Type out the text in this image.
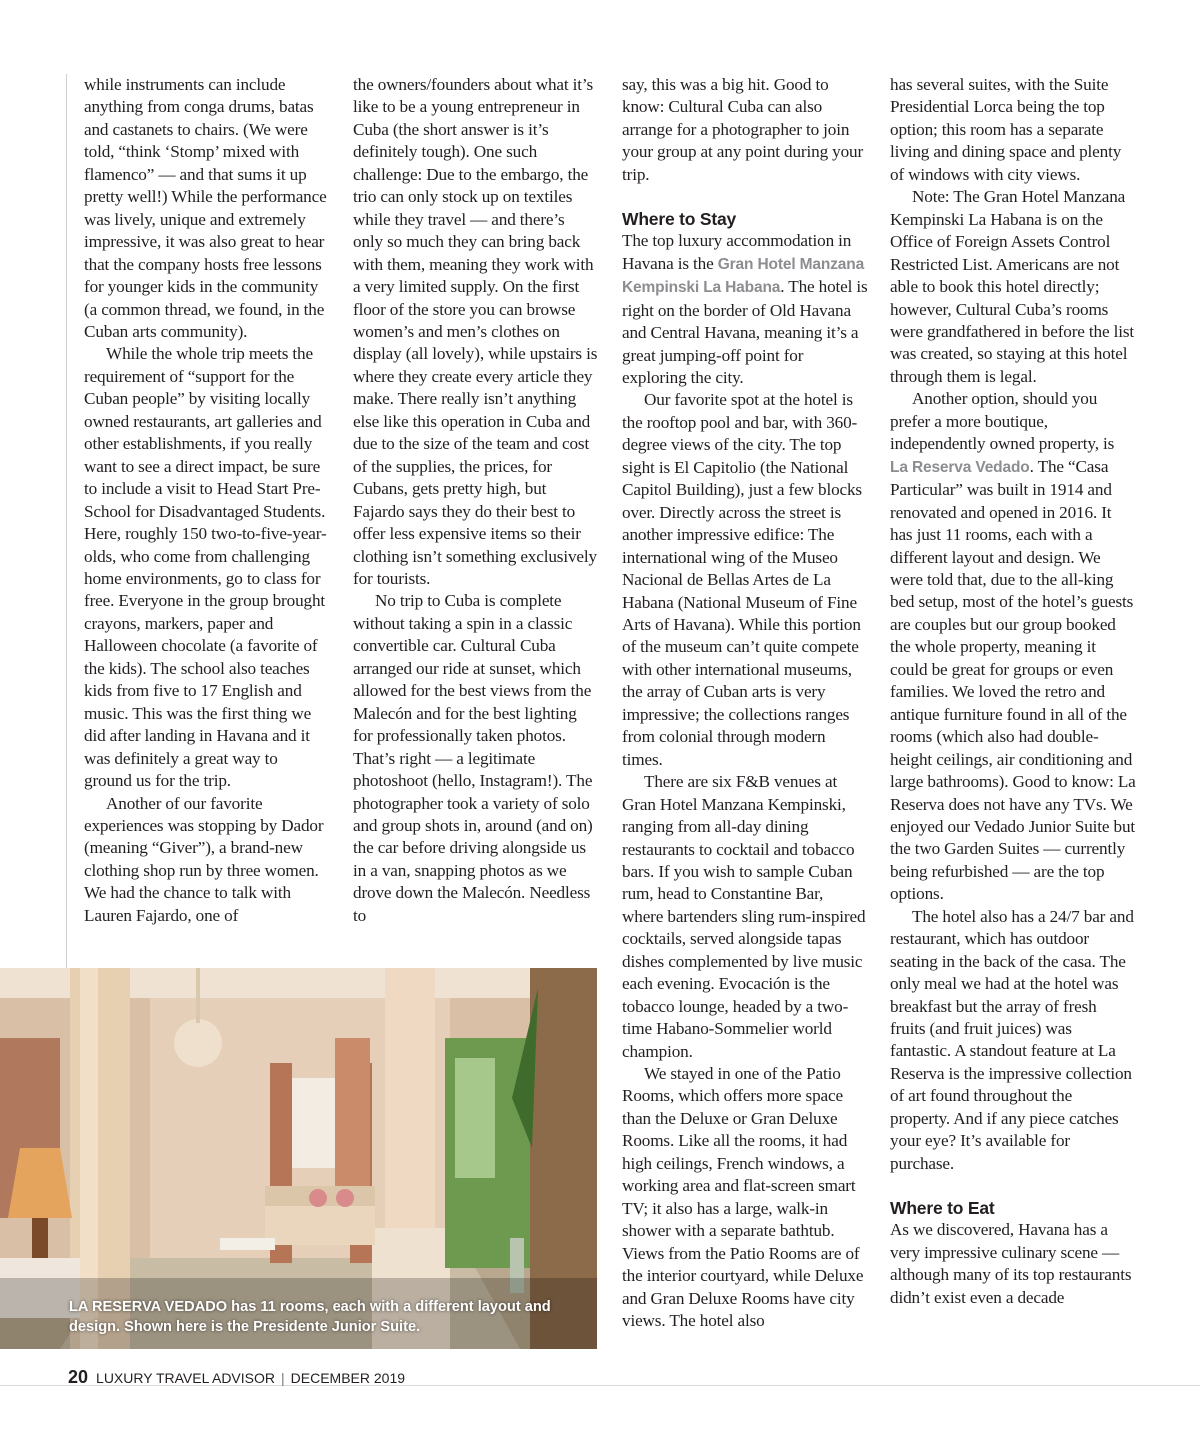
while instruments can include anything from conga drums, batas and castanets to chairs. (We were told, “think ‘Stomp’ mixed with flamenco” — and that sums it up pretty well!) While the performance was lively, unique and extremely impressive, it was also great to hear that the company hosts free lessons for younger kids in the community (a common thread, we found, in the Cuban arts community).

While the whole trip meets the requirement of “support for the Cuban people” by visiting locally owned restaurants, art galleries and other establishments, if you really want to see a direct impact, be sure to include a visit to Head Start Pre-School for Disadvantaged Students. Here, roughly 150 two-to-five-year-olds, who come from challenging home environments, go to class for free. Everyone in the group brought crayons, markers, paper and Halloween chocolate (a favorite of the kids). The school also teaches kids from five to 17 English and music. This was the first thing we did after landing in Havana and it was definitely a great way to ground us for the trip.

Another of our favorite experiences was stopping by Dador (meaning “Giver”), a brand-new clothing shop run by three women. We had the chance to talk with Lauren Fajardo, one of

the owners/founders about what it’s like to be a young entrepreneur in Cuba (the short answer is it’s definitely tough). One such challenge: Due to the embargo, the trio can only stock up on textiles while they travel — and there’s only so much they can bring back with them, meaning they work with a very limited supply. On the first floor of the store you can browse women’s and men’s clothes on display (all lovely), while upstairs is where they create every article they make. There really isn’t anything else like this operation in Cuba and due to the size of the team and cost of the supplies, the prices, for Cubans, gets pretty high, but Fajardo says they do their best to offer less expensive items so their clothing isn’t something exclusively for tourists.

No trip to Cuba is complete without taking a spin in a classic convertible car. Cultural Cuba arranged our ride at sunset, which allowed for the best views from the Malecón and for the best lighting for professionally taken photos. That’s right — a legitimate photoshoot (hello, Instagram!). The photographer took a variety of solo and group shots in, around (and on) the car before driving alongside us in a van, snapping photos as we drove down the Malecón. Needless to

say, this was a big hit. Good to know: Cultural Cuba can also arrange for a photographer to join your group at any point during your trip.

Where to Stay

The top luxury accommodation in Havana is the Gran Hotel Manzana Kempinski La Habana. The hotel is right on the border of Old Havana and Central Havana, meaning it’s a great jumping-off point for exploring the city.

Our favorite spot at the hotel is the rooftop pool and bar, with 360-degree views of the city. The top sight is El Capitolio (the National Capitol Building), just a few blocks over. Directly across the street is another impressive edifice: The international wing of the Museo Nacional de Bellas Artes de La Habana (National Museum of Fine Arts of Havana). While this portion of the museum can’t quite compete with other international museums, the array of Cuban arts is very impressive; the collections ranges from colonial through modern times.

There are six F&B venues at Gran Hotel Manzana Kempinski, ranging from all-day dining restaurants to cocktail and tobacco bars. If you wish to sample Cuban rum, head to Constantine Bar, where bartenders sling rum-inspired cocktails, served alongside tapas dishes complemented by live music each evening. Evocación is the tobacco lounge, headed by a two-time Habano-Sommelier world champion.

We stayed in one of the Patio Rooms, which offers more space than the Deluxe or Gran Deluxe Rooms. Like all the rooms, it had high ceilings, French windows, a working area and flat-screen smart TV; it also has a large, walk-in shower with a separate bathtub. Views from the Patio Rooms are of the interior courtyard, while Deluxe and Gran Deluxe Rooms have city views. The hotel also

has several suites, with the Suite Presidential Lorca being the top option; this room has a separate living and dining space and plenty of windows with city views.

Note: The Gran Hotel Manzana Kempinski La Habana is on the Office of Foreign Assets Control Restricted List. Americans are not able to book this hotel directly; however, Cultural Cuba’s rooms were grandfathered in before the list was created, so staying at this hotel through them is legal.

Another option, should you prefer a more boutique, independently owned property, is La Reserva Vedado. The “Casa Particular” was built in 1914 and renovated and opened in 2016. It has just 11 rooms, each with a different layout and design. We were told that, due to the all-king bed setup, most of the hotel’s guests are couples but our group booked the whole property, meaning it could be great for groups or even families. We loved the retro and antique furniture found in all of the rooms (which also had double-height ceilings, air conditioning and large bathrooms). Good to know: La Reserva does not have any TVs. We enjoyed our Vedado Junior Suite but the two Garden Suites — currently being refurbished — are the top options.

The hotel also has a 24/7 bar and restaurant, which has outdoor seating in the back of the casa. The only meal we had at the hotel was breakfast but the array of fresh fruits (and fruit juices) was fantastic. A standout feature at La Reserva is the impressive collection of art found throughout the property. And if any piece catches your eye? It’s available for purchase.

Where to Eat

As we discovered, Havana has a very impressive culinary scene — although many of its top restaurants didn’t exist even a decade

LA RESERVA VEDADO has 11 rooms, each with a different layout and design. Shown here is the Presidente Junior Suite.
20 LUXURY TRAVEL ADVISOR | DECEMBER 2019
